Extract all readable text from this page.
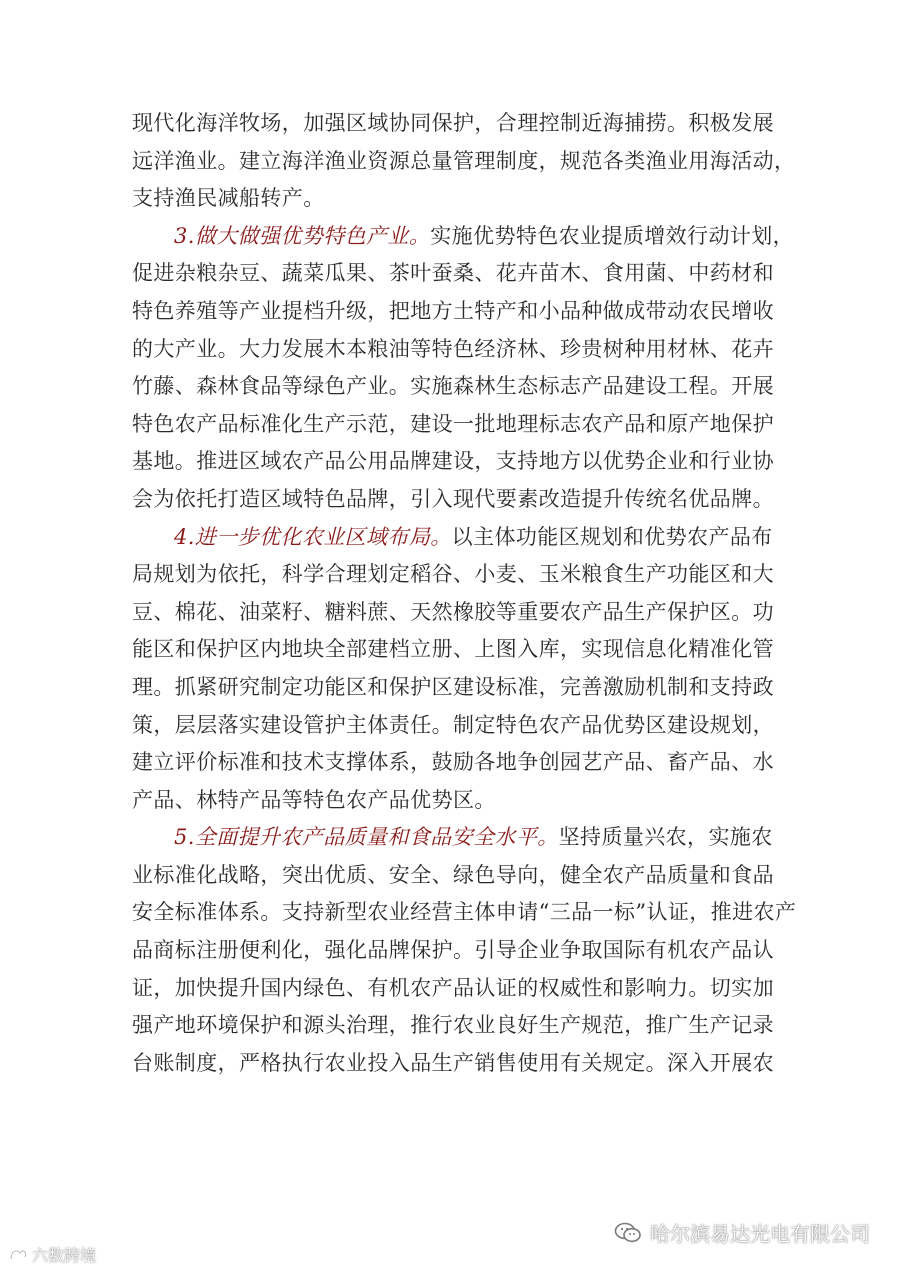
现代化海洋牧场，加强区域协同保护，合理控制近海捕捞。积极发展
远洋渔业。建立海洋渔业资源总量管理制度，规范各类渔业用海活动，
支持渔民减船转产。
3.做大做强优势特色产业。实施优势特色农业提质增效行动计划，
促进杂粮杂豆、蔬菜瓜果、茶叶蚕桑、花卉苗木、食用菌、中药材和
特色养殖等产业提档升级，把地方土特产和小品种做成带动农民增收
的大产业。大力发展木本粮油等特色经济林、珍贵树种用材林、花卉
竹藤、森林食品等绿色产业。实施森林生态标志产品建设工程。开展
特色农产品标准化生产示范，建设一批地理标志农产品和原产地保护
基地。推进区域农产品公用品牌建设，支持地方以优势企业和行业协
会为依托打造区域特色品牌，引入现代要素改造提升传统名优品牌。
4.进一步优化农业区域布局。以主体功能区规划和优势农产品布
局规划为依托，科学合理划定稻谷、小麦、玉米粮食生产功能区和大
豆、棉花、油菜籽、糖料蔗、天然橡胶等重要农产品生产保护区。功
能区和保护区内地块全部建档立册、上图入库，实现信息化精准化管
理。抓紧研究制定功能区和保护区建设标准，完善激励机制和支持政
策，层层落实建设管护主体责任。制定特色农产品优势区建设规划，
建立评价标准和技术支撑体系，鼓励各地争创园艺产品、畜产品、水
产品、林特产品等特色农产品优势区。
5.全面提升农产品质量和食品安全水平。坚持质量兴农，实施农
业标准化战略，突出优质、安全、绿色导向，健全农产品质量和食品
安全标准体系。支持新型农业经营主体申请“三品一标”认证，推进农产
品商标注册便利化，强化品牌保护。引导企业争取国际有机农产品认
证，加快提升国内绿色、有机农产品认证的权威性和影响力。切实加
强产地环境保护和源头治理，推行农业良好生产规范，推广生产记录
台账制度，严格执行农业投入品生产销售使用有关规定。深入开展农
六数跨境
哈尔滨易达光电有限公司
